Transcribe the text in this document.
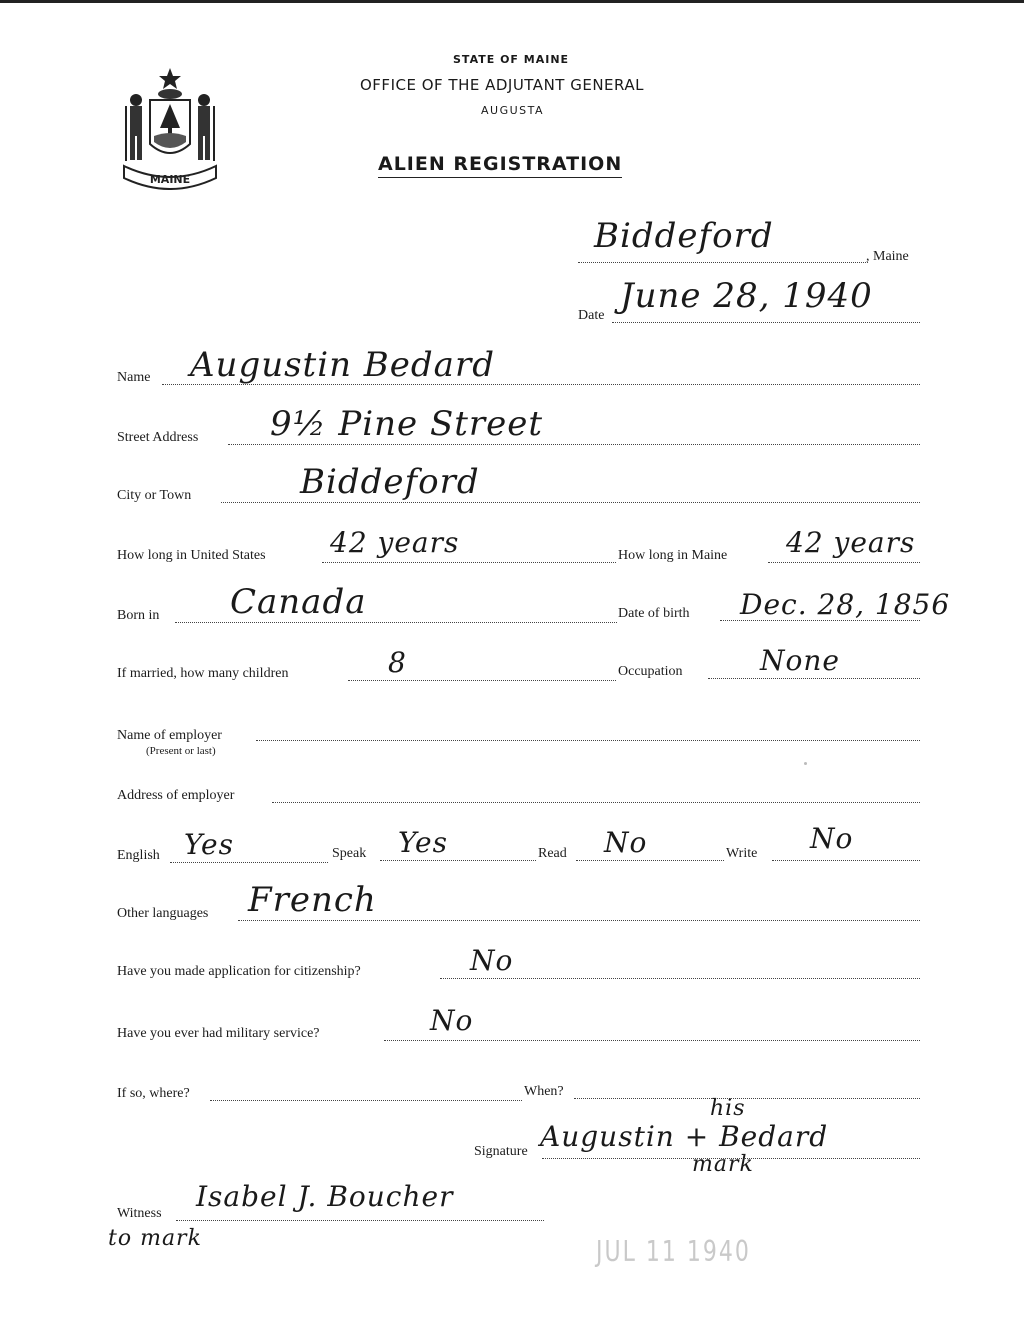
MAINE
STATE OF MAINE
OFFICE OF THE ADJUTANT GENERAL
AUGUSTA
ALIEN REGISTRATION
Biddeford
, Maine
Date June 28, 1940
Name Augustin Bedard
Street Address 9½ Pine Street
City or Town	Biddeford
How long in United States 42 years	How long in Maine 42 years
Born in Canada	Date of birth Dec. 28, 1856
If married, how many children	8	Occupation	None
Name of employer
(Present or last)
Address of employer
English Yes	Speak Yes	Read No	Write No
Other languages French
Have you made application for citizenship?	No
Have you ever had military service?	No
If so, where?	When?
Signature Augustin + Bedard
his
mark
Witness
Isabel J. Boucher
to mark	JUL 11 1940
